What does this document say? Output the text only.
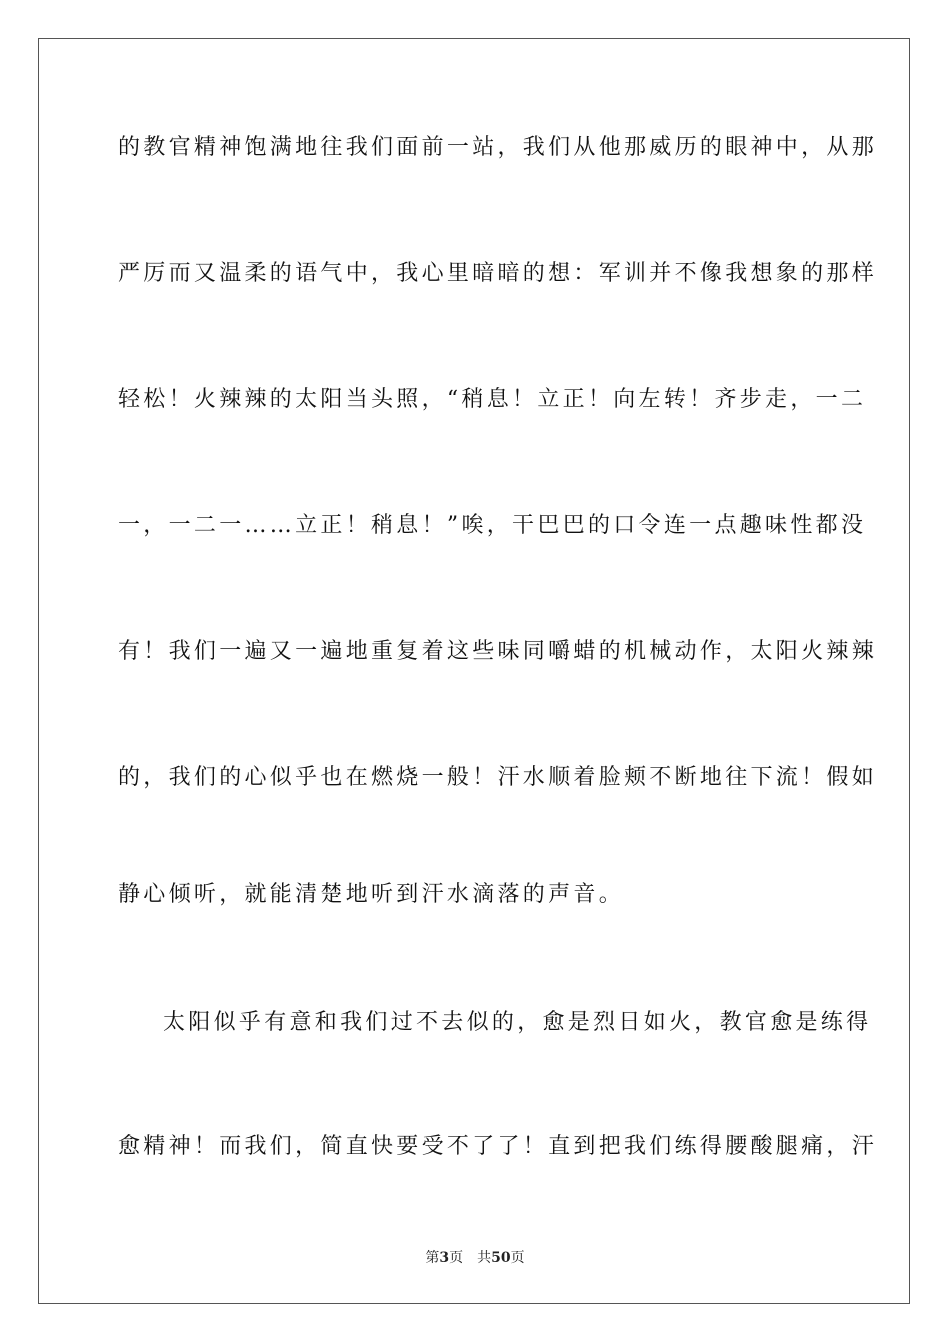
的教官精神饱满地往我们面前一站，我们从他那威历的眼神中，从那
严厉而又温柔的语气中，我心里暗暗的想：军训并不像我想象的那样
轻松！火辣辣的太阳当头照，“稍息！立正！向左转！齐步走，一二
一，一二一……立正！稍息！”唉，干巴巴的口令连一点趣味性都没
有！我们一遍又一遍地重复着这些味同嚼蜡的机械动作，太阳火辣辣
的，我们的心似乎也在燃烧一般！汗水顺着脸颊不断地往下流！假如
静心倾听，就能清楚地听到汗水滴落的声音。
太阳似乎有意和我们过不去似的，愈是烈日如火，教官愈是练得
愈精神！而我们，简直快要受不了了！直到把我们练得腰酸腿痛，汗
第3页 共50页
